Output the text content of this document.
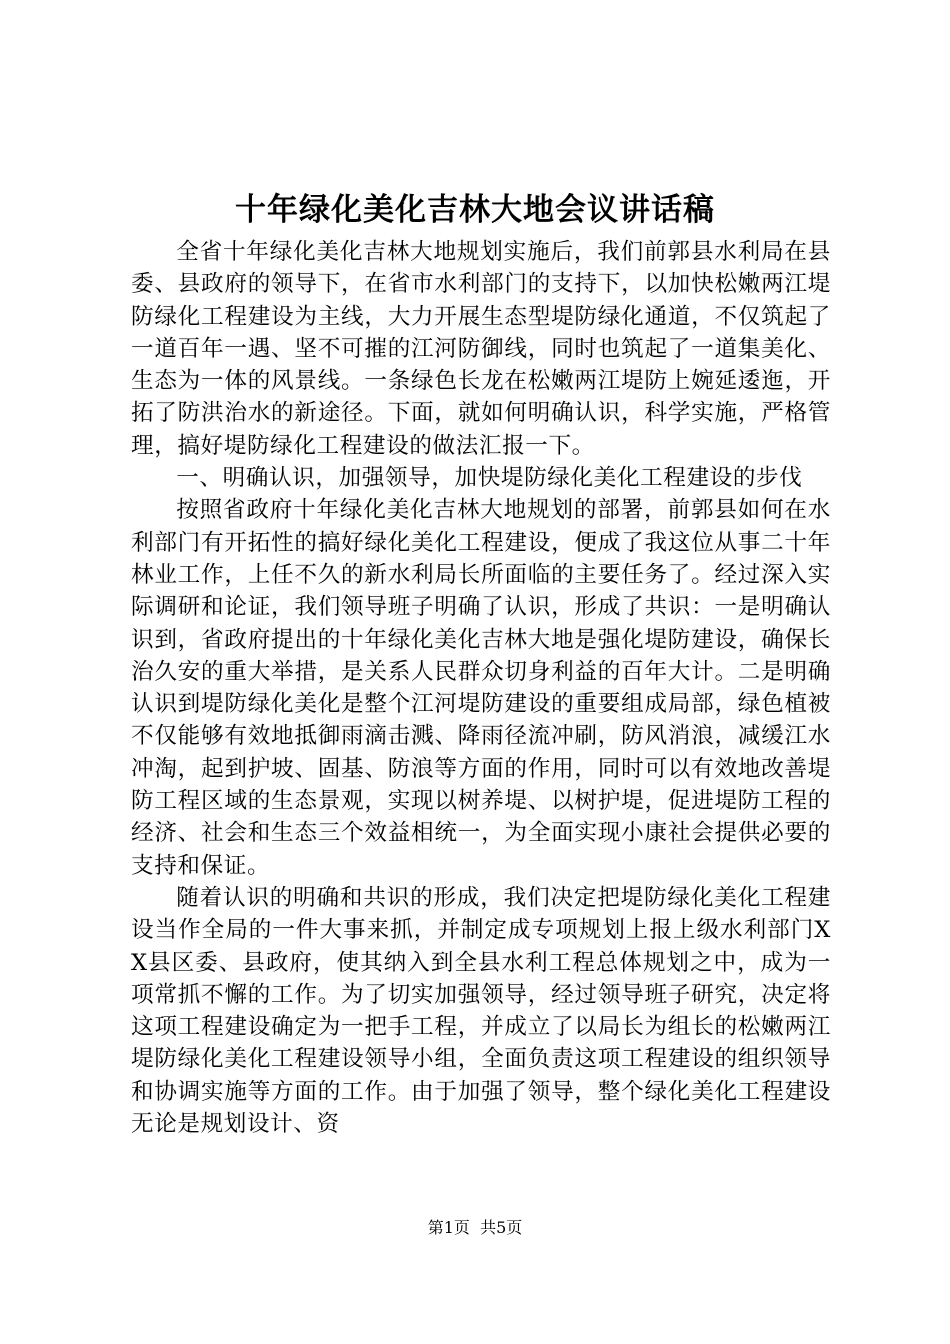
十年绿化美化吉林大地会议讲话稿

全省十年绿化美化吉林大地规划实施后，我们前郭县水利局在县委、县政府的领导下，在省市水利部门的支持下，以加快松嫩两江堤防绿化工程建设为主线，大力开展生态型堤防绿化通道，不仅筑起了一道百年一遇、坚不可摧的江河防御线，同时也筑起了一道集美化、生态为一体的风景线。一条绿色长龙在松嫩两江堤防上婉延逶迤，开拓了防洪治水的新途径。下面，就如何明确认识，科学实施，严格管理，搞好堤防绿化工程建设的做法汇报一下。

一、明确认识，加强领导，加快堤防绿化美化工程建设的步伐

按照省政府十年绿化美化吉林大地规划的部署，前郭县如何在水利部门有开拓性的搞好绿化美化工程建设，便成了我这位从事二十年林业工作，上任不久的新水利局长所面临的主要任务了。经过深入实际调研和论证，我们领导班子明确了认识，形成了共识：一是明确认识到，省政府提出的十年绿化美化吉林大地是强化堤防建设，确保长治久安的重大举措，是关系人民群众切身利益的百年大计。二是明确认识到堤防绿化美化是整个江河堤防建设的重要组成局部，绿色植被不仅能够有效地抵御雨滴击溅、降雨径流冲刷，防风消浪，减缓江水冲淘，起到护坡、固基、防浪等方面的作用，同时可以有效地改善堤防工程区域的生态景观，实现以树养堤、以树护堤，促进堤防工程的经济、社会和生态三个效益相统一，为全面实现小康社会提供必要的支持和保证。

随着认识的明确和共识的形成，我们决定把堤防绿化美化工程建设当作全局的一件大事来抓，并制定成专项规划上报上级水利部门XX县区委、县政府，使其纳入到全县水利工程总体规划之中，成为一项常抓不懈的工作。为了切实加强领导，经过领导班子研究，决定将这项工程建设确定为一把手工程，并成立了以局长为组长的松嫩两江堤防绿化美化工程建设领导小组，全面负责这项工程建设的组织领导和协调实施等方面的工作。由于加强了领导，整个绿化美化工程建设无论是规划设计、资

第1页 共5页
